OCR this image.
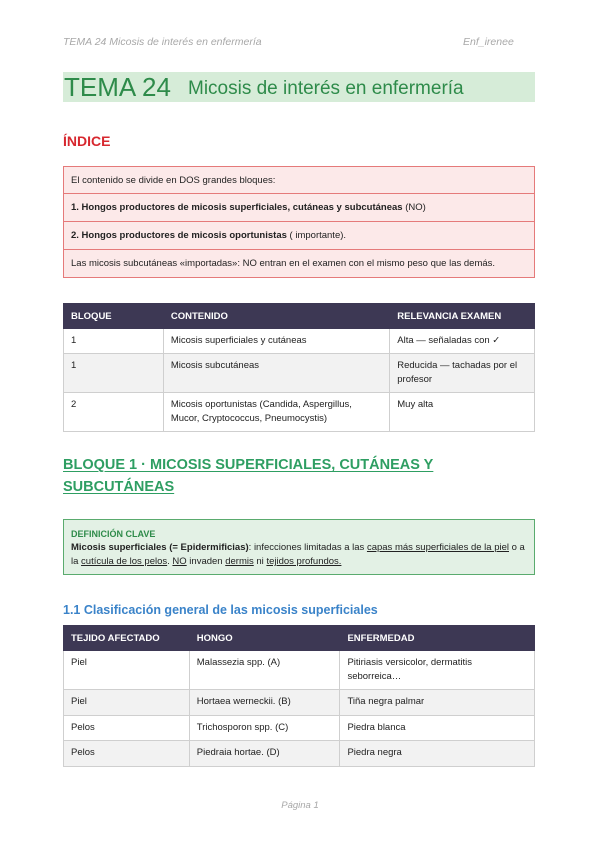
TEMA 24 Micosis de interés en enfermería	Enf_irenee
TEMA 24 Micosis de interés en enfermería
ÍNDICE
El contenido se divide en DOS grandes bloques:
1. Hongos productores de micosis superficiales, cutáneas y subcutáneas (NO)
2. Hongos productores de micosis oportunistas ( importante).
Las micosis subcutáneas «importadas»: NO entran en el examen con el mismo peso que las demás.
BLOQUE	CONTENIDO	RELEVANCIA EXAMEN
1	Micosis superficiales y cutáneas	Alta — señaladas con ✓
1	Micosis subcutáneas	Reducida — tachadas por el profesor
2	Micosis oportunistas (Candida, Aspergillus, Mucor, Cryptococcus, Pneumocystis)	Muy alta
BLOQUE 1 · MICOSIS SUPERFICIALES, CUTÁNEAS Y SUBCUTÁNEAS
DEFINICIÓN CLAVE
Micosis superficiales (= Epidermificias): infecciones limitadas a las capas más superficiales de la piel o a la cutícula de los pelos. NO invaden dermis ni tejidos profundos.
1.1 Clasificación general de las micosis superficiales
TEJIDO AFECTADO	HONGO	ENFERMEDAD
Piel	Malassezia spp. (A)	Pitiriasis versicolor, dermatitis seborreica…
Piel	Hortaea werneckii. (B)	Tiña negra palmar
Pelos	Trichosporon spp. (C)	Piedra blanca
Pelos	Piedraia hortae. (D)	Piedra negra
Página 1
